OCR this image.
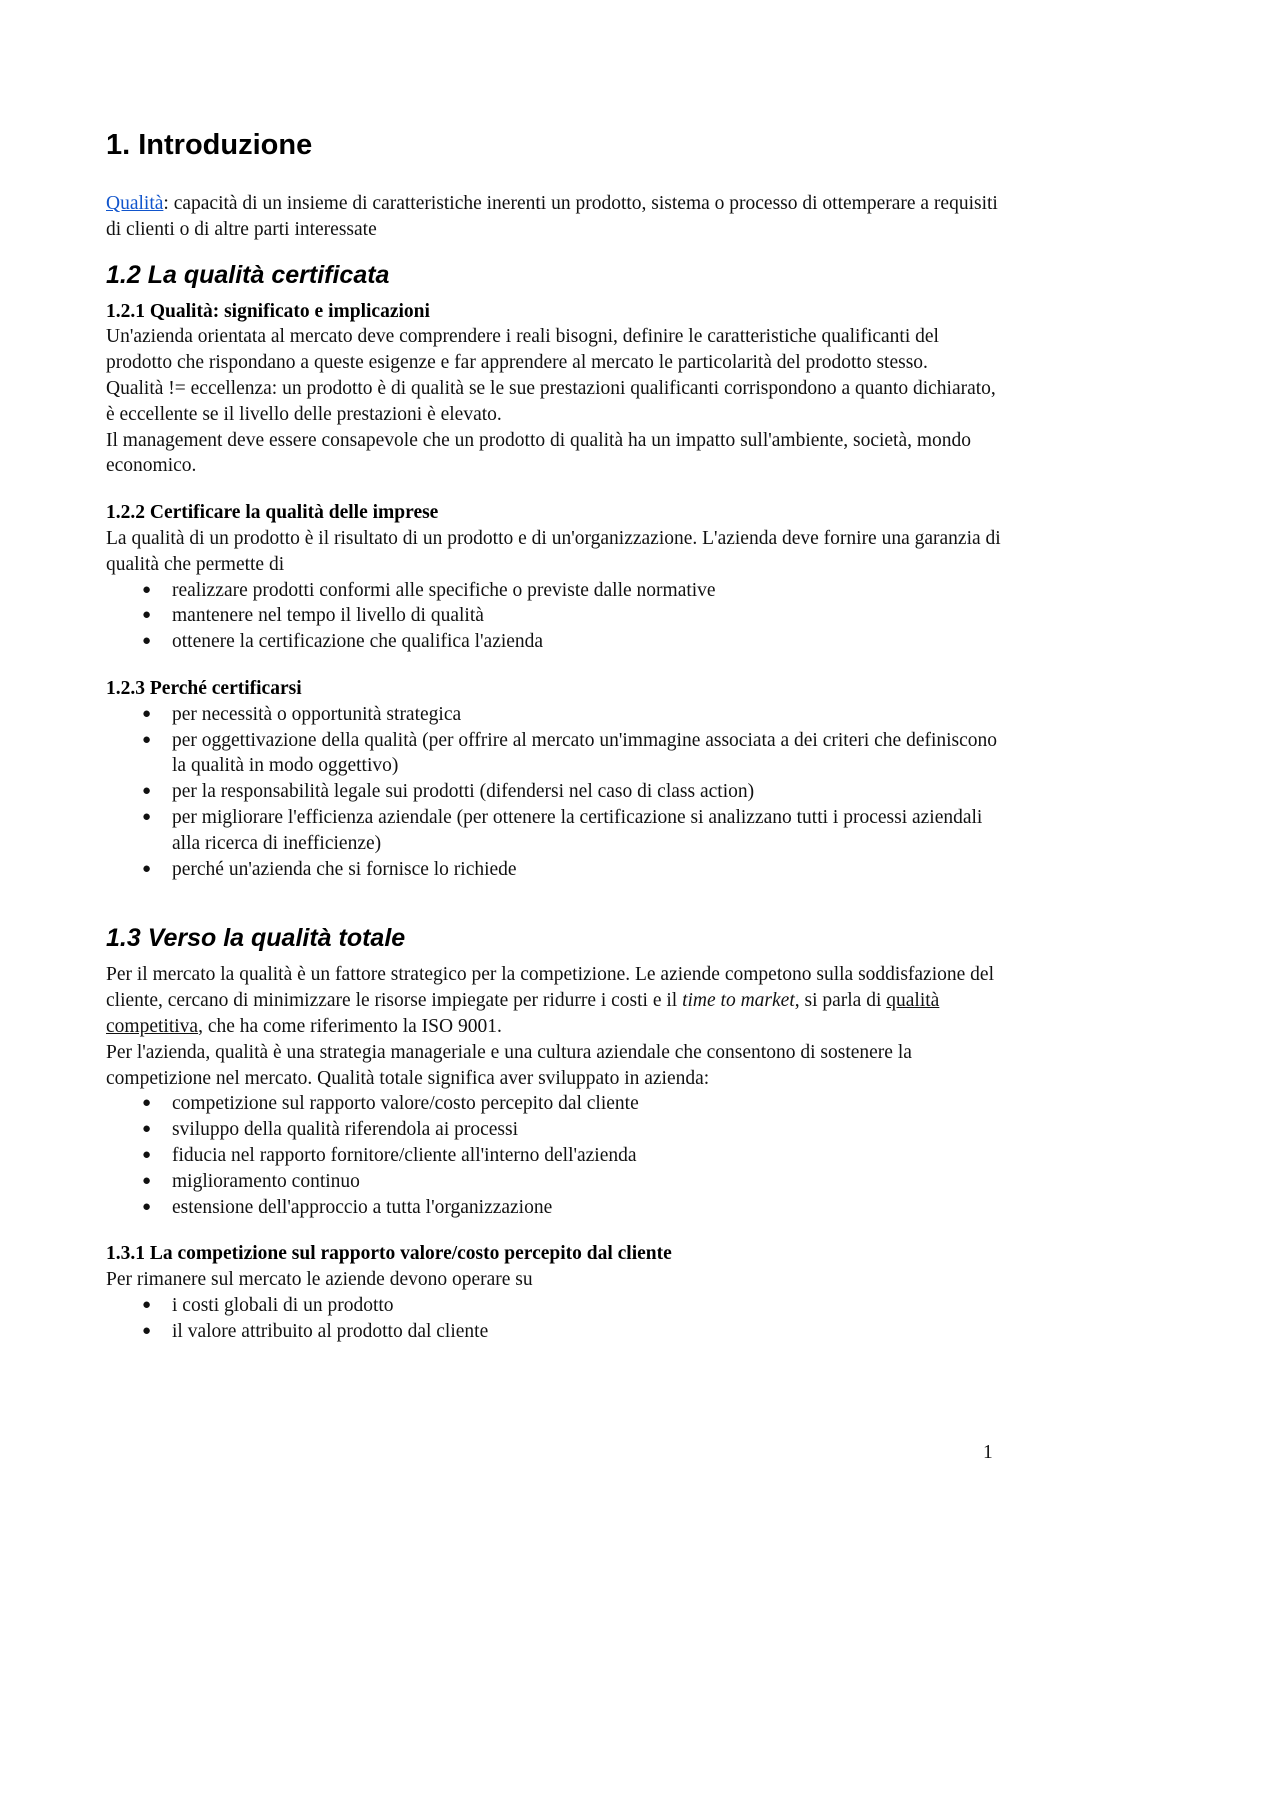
1. Introduzione

Qualità: capacità di un insieme di caratteristiche inerenti un prodotto, sistema o processo di ottemperare a requisiti di clienti o di altre parti interessate

1.2 La qualità certificata
1.2.1 Qualità: significato e implicazioni

Un'azienda orientata al mercato deve comprendere i reali bisogni, definire le caratteristiche qualificanti del prodotto che rispondano a queste esigenze e far apprendere al mercato le particolarità del prodotto stesso.

Qualità != eccellenza: un prodotto è di qualità se le sue prestazioni qualificanti corrispondono a quanto dichiarato, è eccellente se il livello delle prestazioni è elevato.

Il management deve essere consapevole che un prodotto di qualità ha un impatto sull'ambiente, società, mondo economico.

1.2.2 Certificare la qualità delle imprese

La qualità di un prodotto è il risultato di un prodotto e di un'organizzazione. L'azienda deve fornire una garanzia di qualità che permette di

● realizzare prodotti conformi alle specifiche o previste dalle normative
● mantenere nel tempo il livello di qualità
● ottenere la certificazione che qualifica l'azienda
1.2.3 Perché certificarsi
● per necessità o opportunità strategica
● per oggettivazione della qualità (per offrire al mercato un'immagine associata a dei criteri che definiscono la qualità in modo oggettivo)
● per la responsabilità legale sui prodotti (difendersi nel caso di class action)
● per migliorare l'efficienza aziendale (per ottenere la certificazione si analizzano tutti i processi aziendali alla ricerca di inefficienze)
● perché un'azienda che si fornisce lo richiede
1.3 Verso la qualità totale

Per il mercato la qualità è un fattore strategico per la competizione. Le aziende competono sulla soddisfazione del cliente, cercano di minimizzare le risorse impiegate per ridurre i costi e il time to market, si parla di qualità competitiva, che ha come riferimento la ISO 9001.

Per l'azienda, qualità è una strategia manageriale e una cultura aziendale che consentono di sostenere la competizione nel mercato. Qualità totale significa aver sviluppato in azienda:

● competizione sul rapporto valore/costo percepito dal cliente
● sviluppo della qualità riferendola ai processi
● fiducia nel rapporto fornitore/cliente all'interno dell'azienda
● miglioramento continuo
● estensione dell'approccio a tutta l'organizzazione
1.3.1 La competizione sul rapporto valore/costo percepito dal cliente

Per rimanere sul mercato le aziende devono operare su

● i costi globali di un prodotto
● il valore attribuito al prodotto dal cliente
1
